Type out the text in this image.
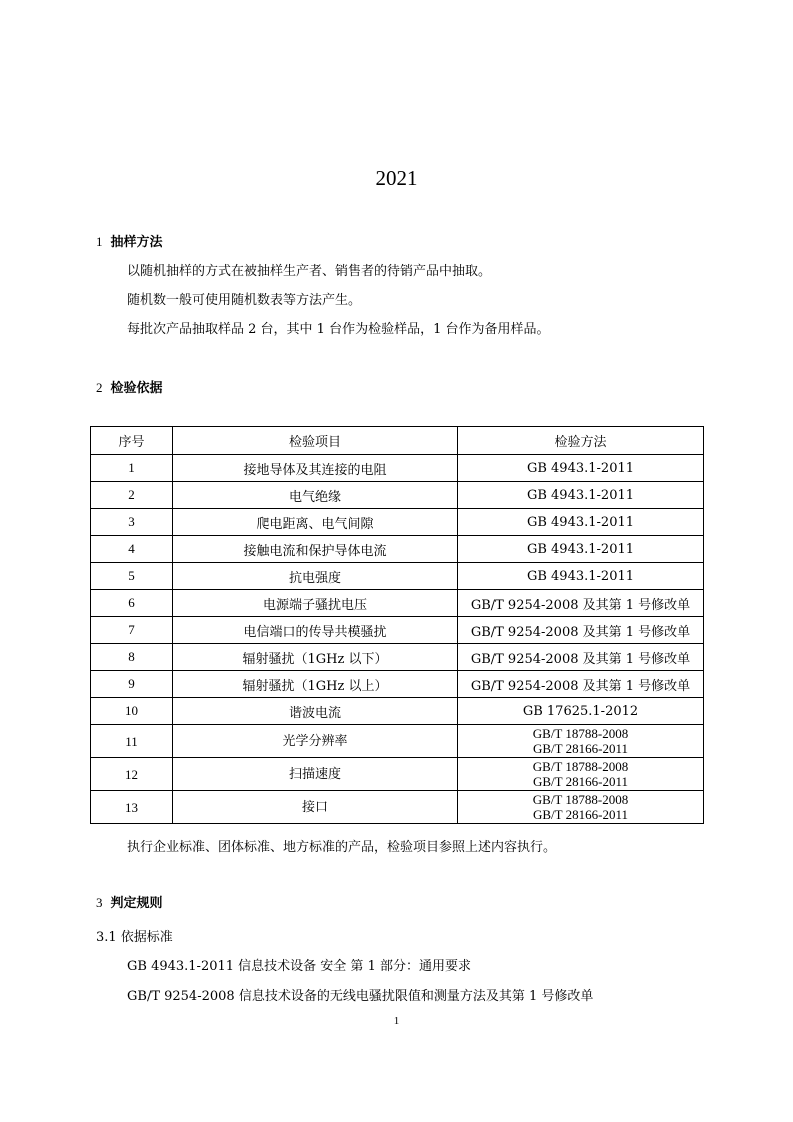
2021
1 抽样方法
以随机抽样的方式在被抽样生产者、销售者的待销产品中抽取。
随机数一般可使用随机数表等方法产生。
每批次产品抽取样品 2 台，其中 1 台作为检验样品，1 台作为备用样品。
2 检验依据
序号	检验项目	检验方法
1	接地导体及其连接的电阻	GB 4943.1-2011
2	电气绝缘	GB 4943.1-2011
3	爬电距离、电气间隙	GB 4943.1-2011
4	接触电流和保护导体电流	GB 4943.1-2011
5	抗电强度	GB 4943.1-2011
6	电源端子骚扰电压	GB/T 9254-2008 及其第 1 号修改单
7	电信端口的传导共模骚扰	GB/T 9254-2008 及其第 1 号修改单
8	辐射骚扰（1GHz 以下）	GB/T 9254-2008 及其第 1 号修改单
9	辐射骚扰（1GHz 以上）	GB/T 9254-2008 及其第 1 号修改单
10	谐波电流	GB 17625.1-2012
11	光学分辨率	GB/T 18788-2008
GB/T 28166-2011

12	扫描速度	GB/T 18788-2008
GB/T 28166-2011

13	接口	GB/T 18788-2008
GB/T 28166-2011
执行企业标准、团体标准、地方标准的产品，检验项目参照上述内容执行。
3 判定规则
3.1 依据标准
GB 4943.1-2011 信息技术设备 安全 第 1 部分：通用要求
GB/T 9254-2008 信息技术设备的无线电骚扰限值和测量方法及其第 1 号修改单
1
